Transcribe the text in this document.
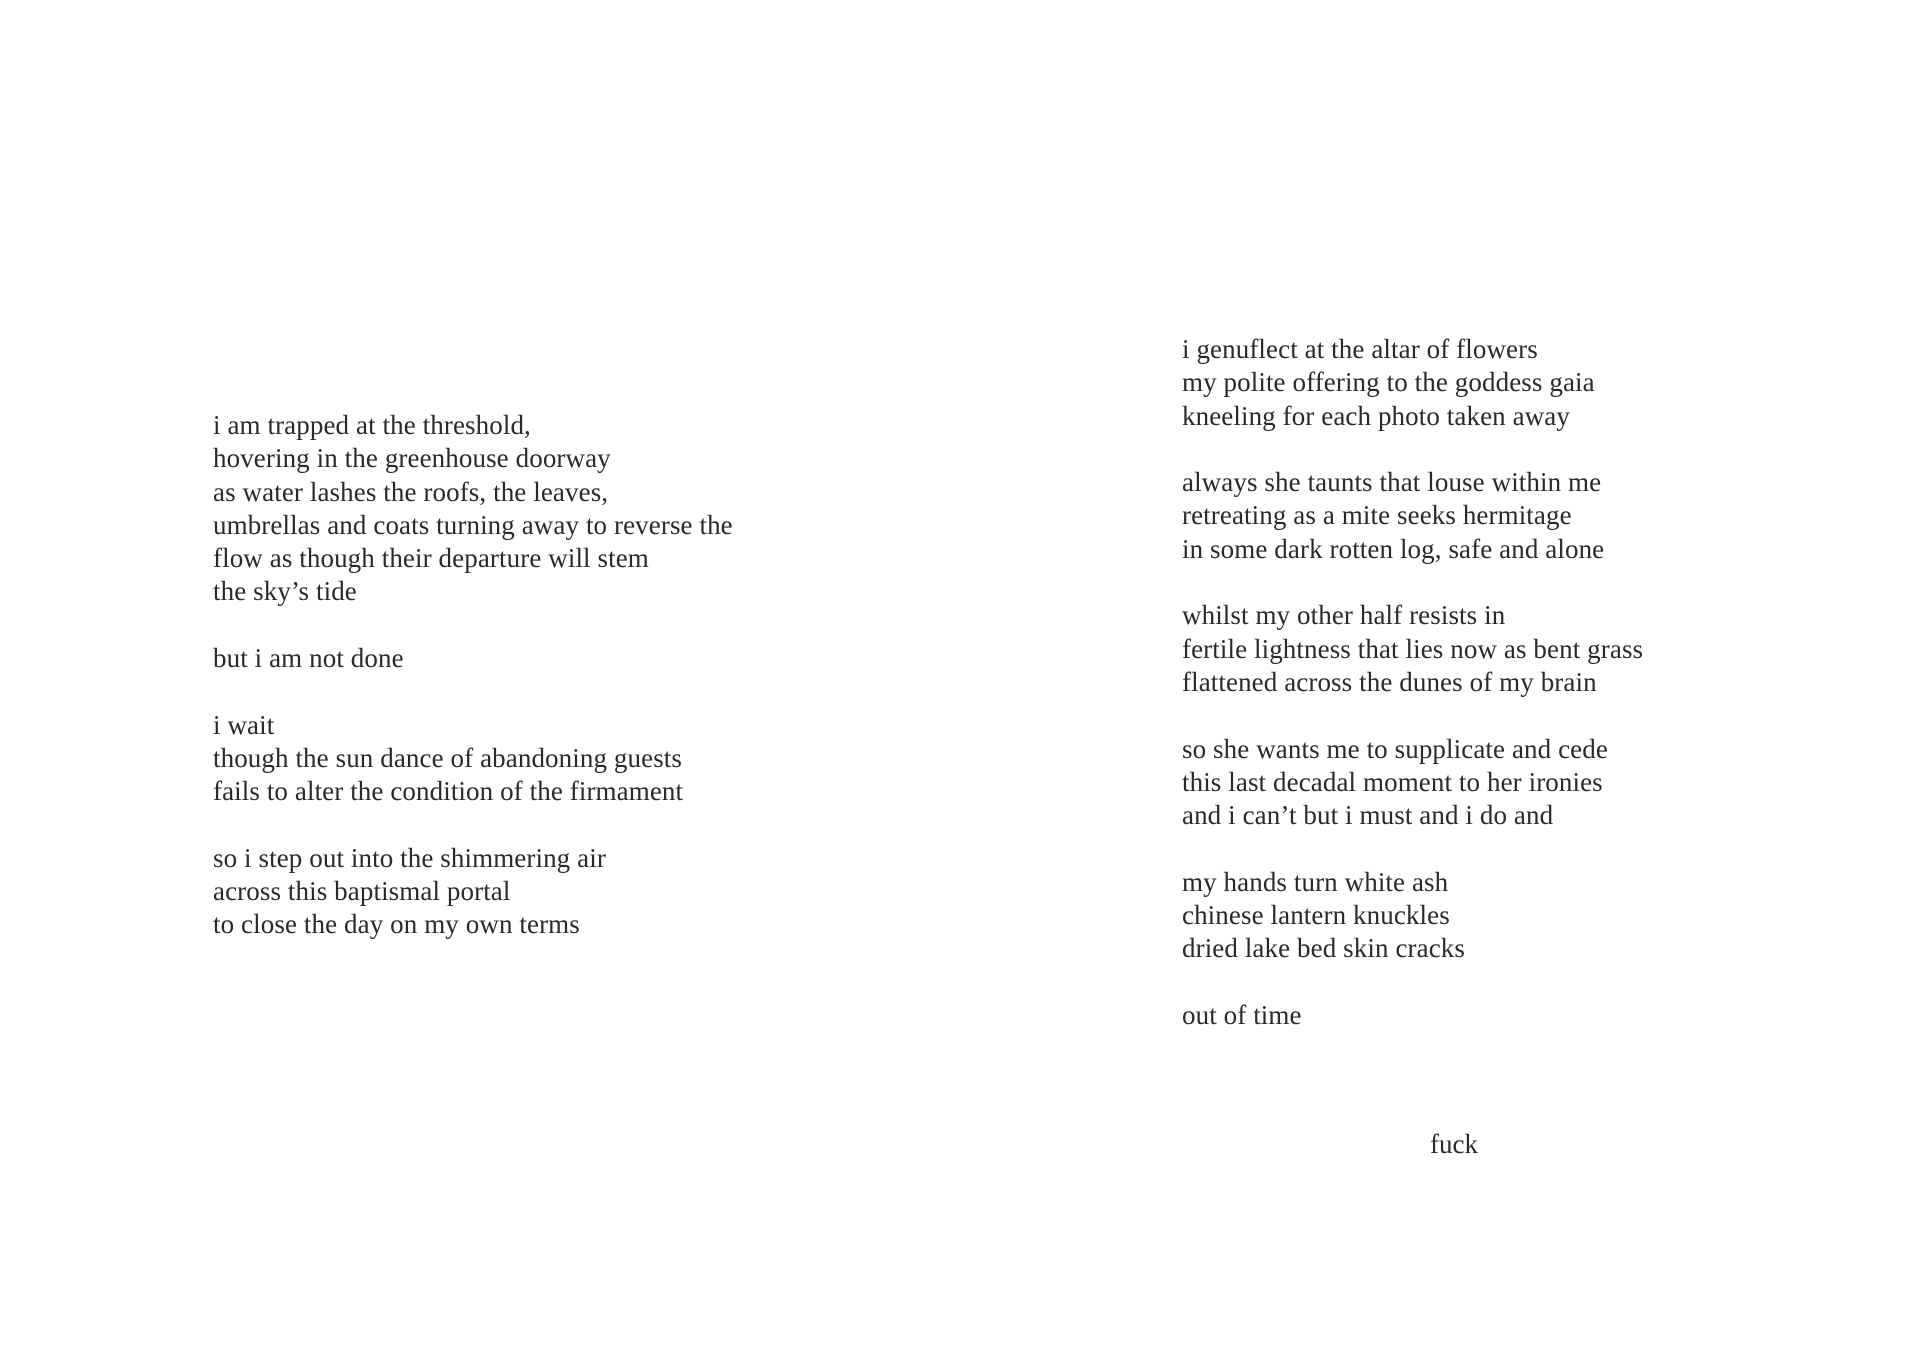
i am trapped at the threshold,
hovering in the greenhouse doorway
as water lashes the roofs, the leaves,
umbrellas and coats turning away to reverse the
flow as though their departure will stem
the sky’s tide
but i am not done
i wait
though the sun dance of abandoning guests
fails to alter the condition of the firmament
so i step out into the shimmering air
across this baptismal portal
to close the day on my own terms
i genuflect at the altar of flowers
my polite offering to the goddess gaia
kneeling for each photo taken away
always she taunts that louse within me
retreating as a mite seeks hermitage
in some dark rotten log, safe and alone
whilst my other half resists in
fertile lightness that lies now as bent grass
flattened across the dunes of my brain
so she wants me to supplicate and cede
this last decadal moment to her ironies
and i can’t but i must and i do and
my hands turn white ash
chinese lantern knuckles
dried lake bed skin cracks
out of time
fuck
